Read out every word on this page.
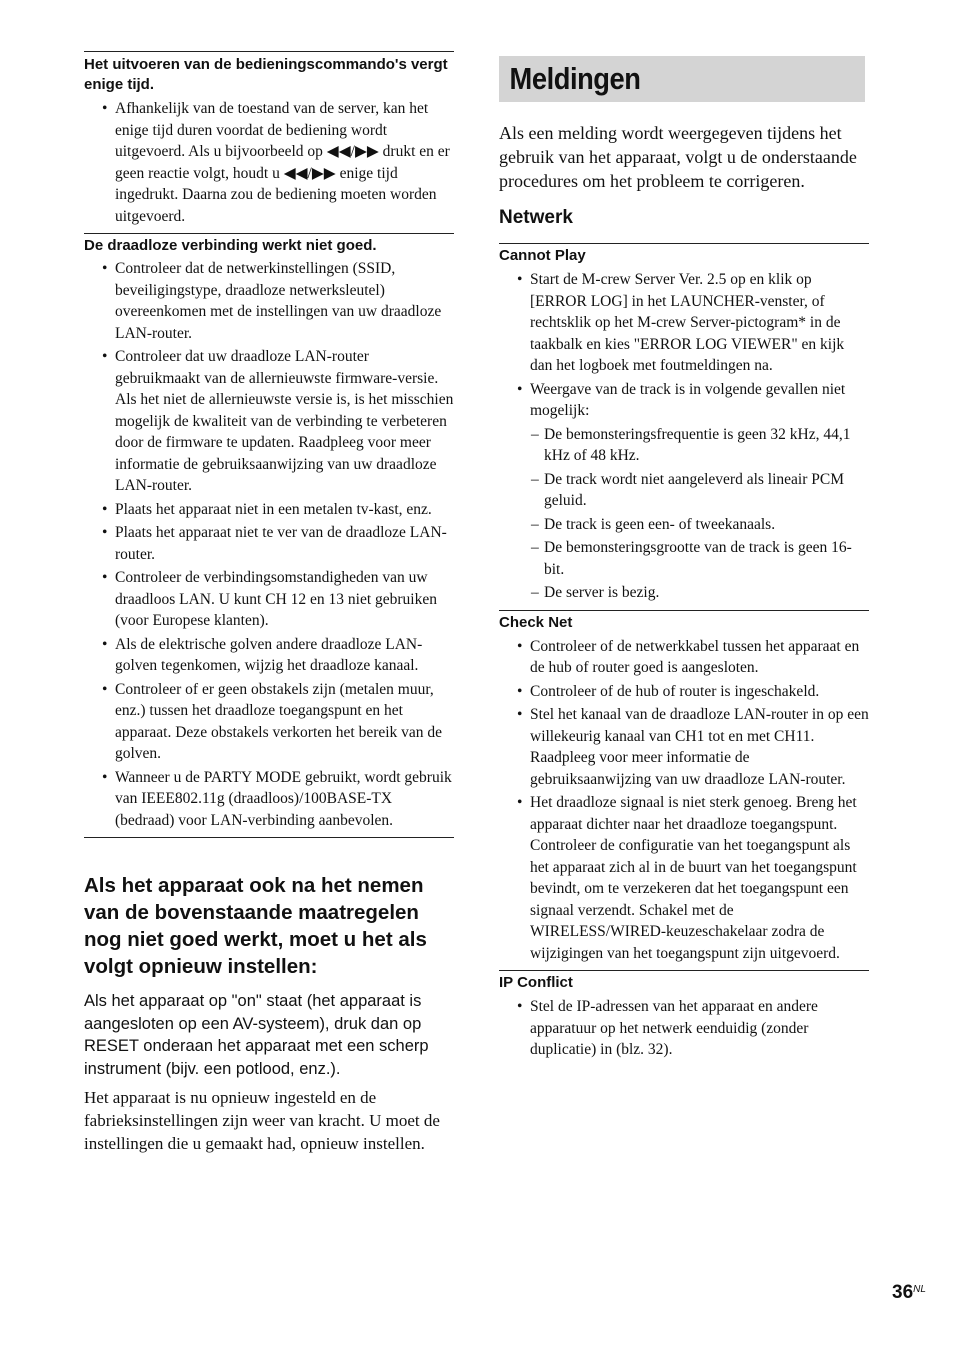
Het uitvoeren van de bedieningscommando's vergt enige tijd.

• Afhankelijk van de toestand van de server, kan het enige tijd duren voordat de bediening wordt uitgevoerd. Als u bijvoorbeeld op ◀◀/▶▶ drukt en er geen reactie volgt, houdt u ◀◀/▶▶ enige tijd ingedrukt. Daarna zou de bediening moeten worden uitgevoerd.

De draadloze verbinding werkt niet goed.

• Controleer dat de netwerkinstellingen (SSID, beveiligingstype, draadloze netwerksleutel) overeenkomen met de instellingen van uw draadloze LAN-router.
• Controleer dat uw draadloze LAN-router gebruikmaakt van de allernieuwste firmware-versie. Als het niet de allernieuwste versie is, is het misschien mogelijk de kwaliteit van de verbinding te verbeteren door de firmware te updaten. Raadpleeg voor meer informatie de gebruiksaanwijzing van uw draadloze LAN-router.
• Plaats het apparaat niet in een metalen tv-kast, enz.
• Plaats het apparaat niet te ver van de draadloze LAN-router.
• Controleer de verbindingsomstandigheden van uw draadloos LAN. U kunt CH 12 en 13 niet gebruiken (voor Europese klanten).
• Als de elektrische golven andere draadloze LAN-golven tegenkomen, wijzig het draadloze kanaal.
• Controleer of er geen obstakels zijn (metalen muur, enz.) tussen het draadloze toegangspunt en het apparaat. Deze obstakels verkorten het bereik van de golven.
• Wanneer u de PARTY MODE gebruikt, wordt gebruik van IEEE802.11g (draadloos)/100BASE-TX (bedraad) voor LAN-verbinding aanbevolen.
Als het apparaat ook na het nemen van de bovenstaande maatregelen nog niet goed werkt, moet u het als volgt opnieuw instellen:

Als het apparaat op "on" staat (het apparaat is aangesloten op een AV-systeem), druk dan op RESET onderaan het apparaat met een scherp instrument (bijv. een potlood, enz.).

Het apparaat is nu opnieuw ingesteld en de fabrieksinstellingen zijn weer van kracht. U moet de instellingen die u gemaakt had, opnieuw instellen.

Meldingen

Als een melding wordt weergegeven tijdens het gebruik van het apparaat, volgt u de onderstaande procedures om het probleem te corrigeren.

Netwerk

Cannot Play

• Start de M-crew Server Ver. 2.5 op en klik op [ERROR LOG] in het LAUNCHER-venster, of rechtsklik op het M-crew Server-pictogram* in de taakbalk en kies "ERROR LOG VIEWER" en kijk dan het logboek met foutmeldingen na.
• Weergave van de track is in volgende gevallen niet mogelijk:
– De bemonsteringsfrequentie is geen 32 kHz, 44,1 kHz of 48 kHz.
– De track wordt niet aangeleverd als lineair PCM geluid.
– De track is geen een- of tweekanaals.
– De bemonsteringsgrootte van de track is geen 16-bit.
– De server is bezig.

Check Net

• Controleer of de netwerkkabel tussen het apparaat en de hub of router goed is aangesloten.
• Controleer of de hub of router is ingeschakeld.
• Stel het kanaal van de draadloze LAN-router in op een willekeurig kanaal van CH1 tot en met CH11. Raadpleeg voor meer informatie de gebruiksaanwijzing van uw draadloze LAN-router.
• Het draadloze signaal is niet sterk genoeg. Breng het apparaat dichter naar het draadloze toegangspunt. Controleer de configuratie van het toegangspunt als het apparaat zich al in de buurt van het toegangspunt bevindt, om te verzekeren dat het toegangspunt een signaal verzendt. Schakel met de WIRELESS/WIRED-keuzeschakelaar zodra de wijzigingen van het toegangspunt zijn uitgevoerd.

IP Conflict

• Stel de IP-adressen van het apparaat en andere apparatuur op het netwerk eenduidig (zonder duplicatie) in (blz. 32).
$36^{NL}$
